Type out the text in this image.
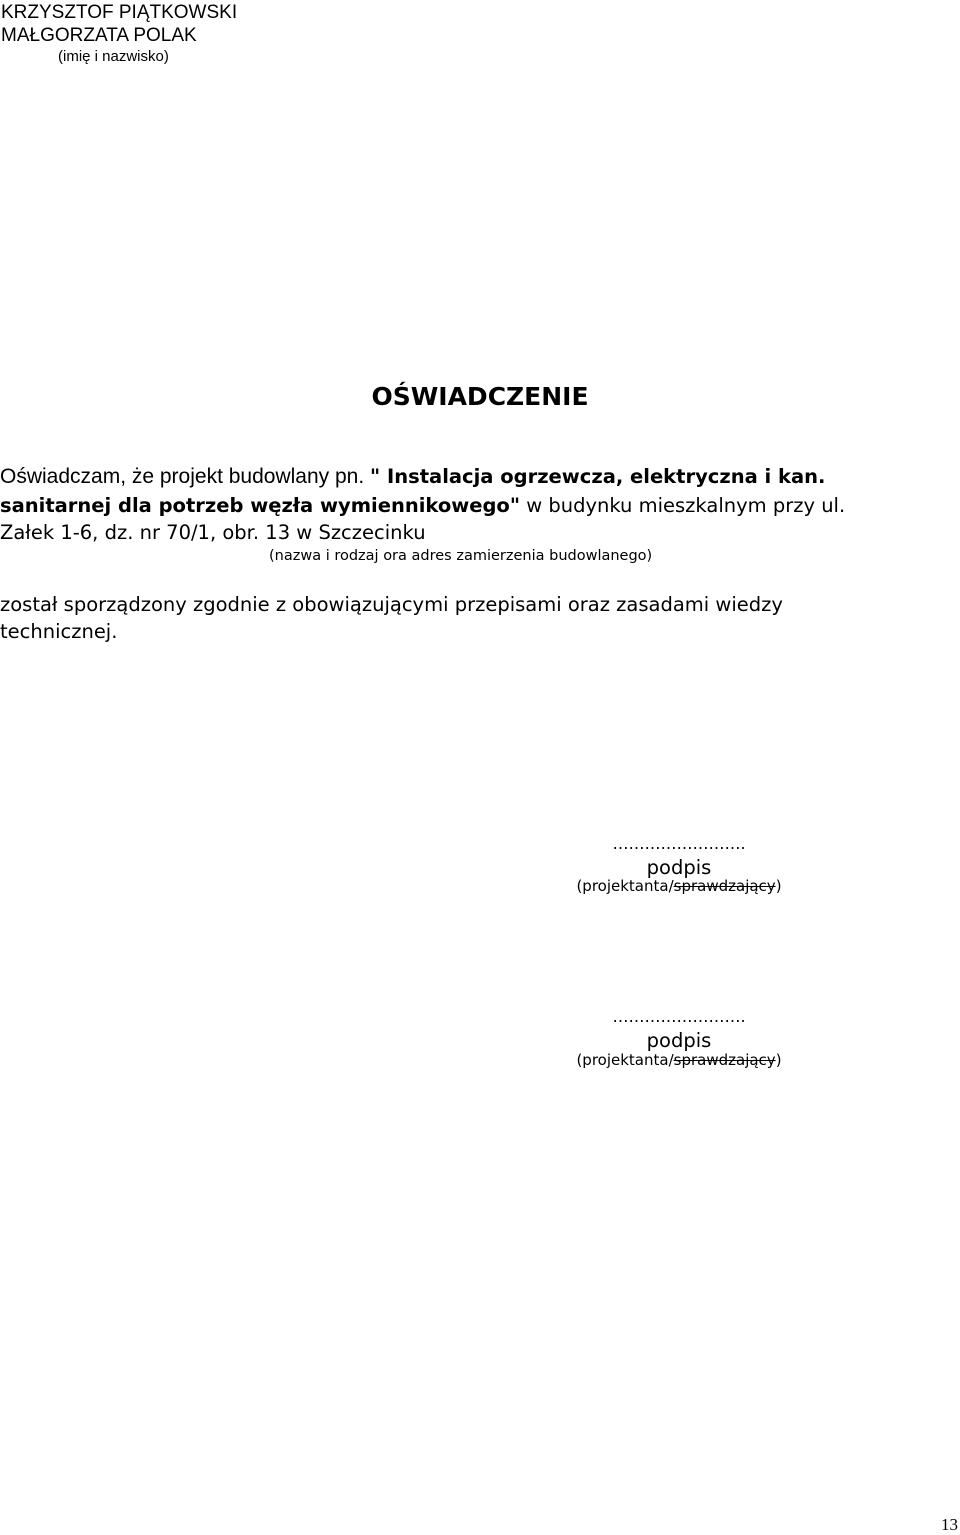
KRZYSZTOF PIĄTKOWSKI
MAŁGORZATA POLAK
(imię i nazwisko)
OŚWIADCZENIE
Oświadczam, że projekt budowlany pn. " Instalacja ogrzewcza, elektryczna i kan.
sanitarnej dla potrzeb węzła wymiennikowego" w budynku mieszkalnym przy ul.
Załek 1-6, dz. nr 70/1, obr. 13 w Szczecinku
(nazwa i rodzaj ora adres zamierzenia budowlanego)
został sporządzony zgodnie z obowiązującymi przepisami oraz zasadami wiedzy
technicznej.
…………………….
podpis
(projektanta/sprawdzający)
…………………….
podpis
(projektanta/sprawdzający)
13
